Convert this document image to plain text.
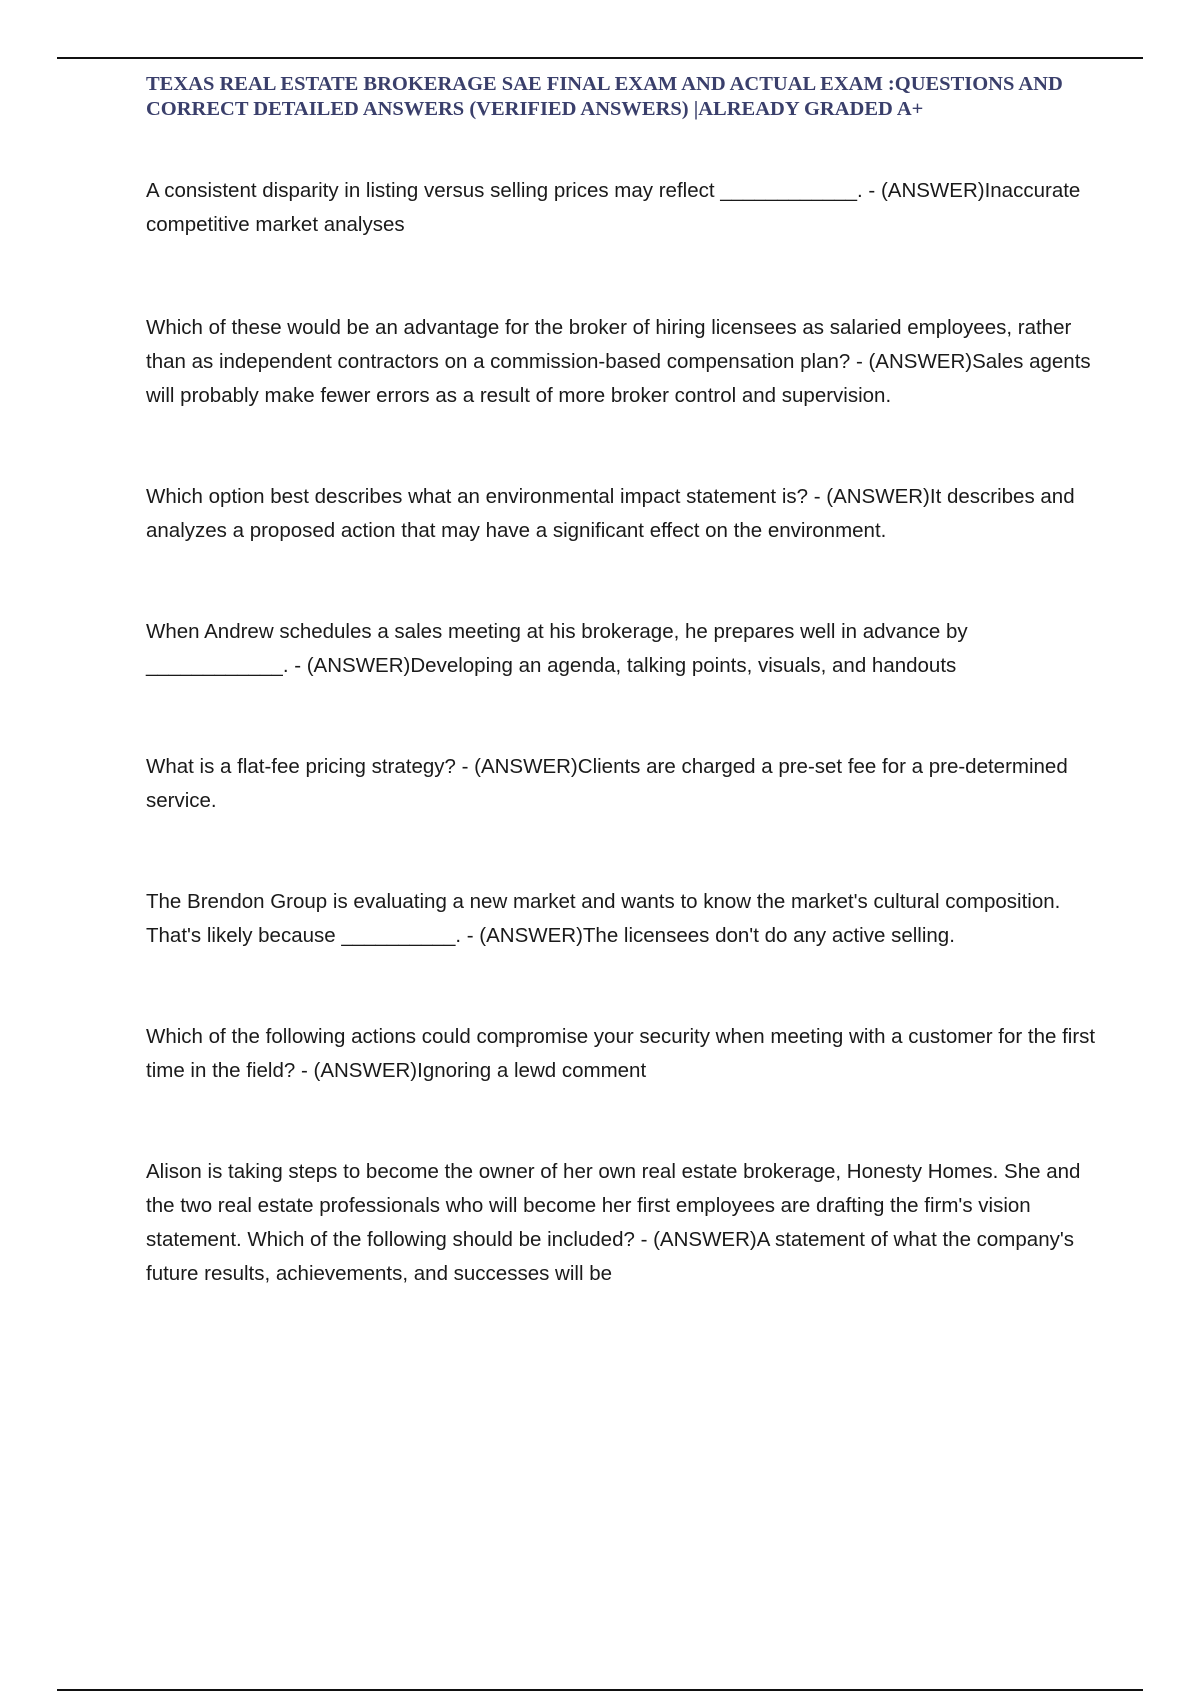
TEXAS REAL ESTATE BROKERAGE SAE FINAL EXAM AND ACTUAL EXAM :QUESTIONS AND CORRECT DETAILED ANSWERS (VERIFIED ANSWERS) |ALREADY GRADED A+
A consistent disparity in listing versus selling prices may reflect ____________. - (ANSWER)Inaccurate competitive market analyses
Which of these would be an advantage for the broker of hiring licensees as salaried employees, rather than as independent contractors on a commission-based compensation plan? - (ANSWER)Sales agents will probably make fewer errors as a result of more broker control and supervision.
Which option best describes what an environmental impact statement is? - (ANSWER)It describes and analyzes a proposed action that may have a significant effect on the environment.
When Andrew schedules a sales meeting at his brokerage, he prepares well in advance by ____________. - (ANSWER)Developing an agenda, talking points, visuals, and handouts
What is a flat-fee pricing strategy? - (ANSWER)Clients are charged a pre-set fee for a pre-determined service.
The Brendon Group is evaluating a new market and wants to know the market's cultural composition. That's likely because __________. - (ANSWER)The licensees don't do any active selling.
Which of the following actions could compromise your security when meeting with a customer for the first time in the field? - (ANSWER)Ignoring a lewd comment
Alison is taking steps to become the owner of her own real estate brokerage, Honesty Homes. She and the two real estate professionals who will become her first employees are drafting the firm's vision statement. Which of the following should be included? - (ANSWER)A statement of what the company's future results, achievements, and successes will be
